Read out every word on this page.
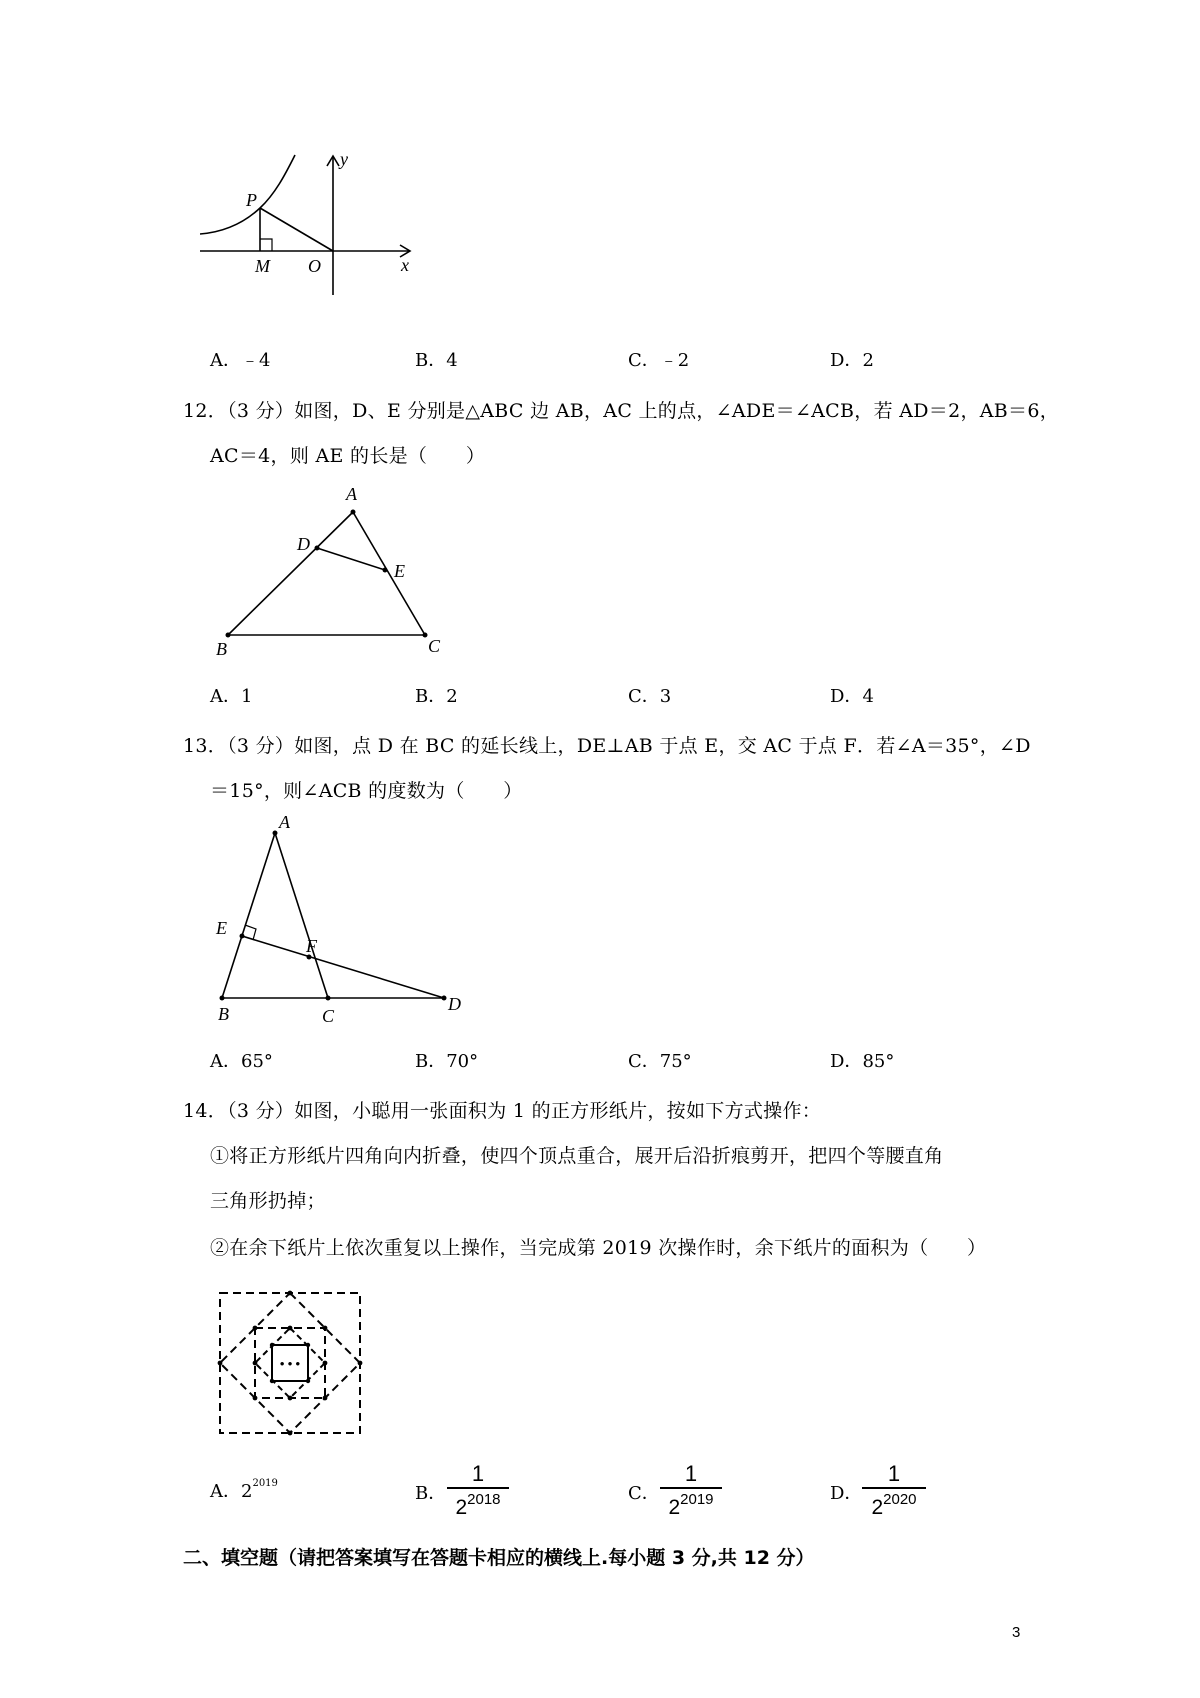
y
x
P
M O
A．﹣4	B．4	C．﹣2	D．2
12．（3 分）如图，D、E 分别是△ABC 边 AB，AC 上的点，∠ADE＝∠ACB，若 AD＝2，AB＝6，
AC＝4，则 AE 的长是（　　）
A
D
E
B	C
A．1	B．2	C．3	D．4
13．（3 分）如图，点 D 在 BC 的延长线上，DE⊥AB 于点 E，交 AC 于点 F．若∠A＝35°，∠D
＝15°，则∠ACB 的度数为（　　）
A
E
F
B	C
D
A．65°	B．70°	C．75°	D．85°
14．（3 分）如图，小聪用一张面积为 1 的正方形纸片，按如下方式操作：
①将正方形纸片四角向内折叠，使四个顶点重合，展开后沿折痕剪开，把四个等腰直角
三角形扔掉；
②在余下纸片上依次重复以上操作，当完成第 2019 次操作时，余下纸片的面积为（　　）
• • •
A．$2^{2019}$	B．
1
$2^{2018}$	C．
1
$2^{2019}$	D．
1
$2^{2020}$
二、填空题（请把答案填写在答题卡相应的横线上.每小题 3 分,共 12 分）
3
